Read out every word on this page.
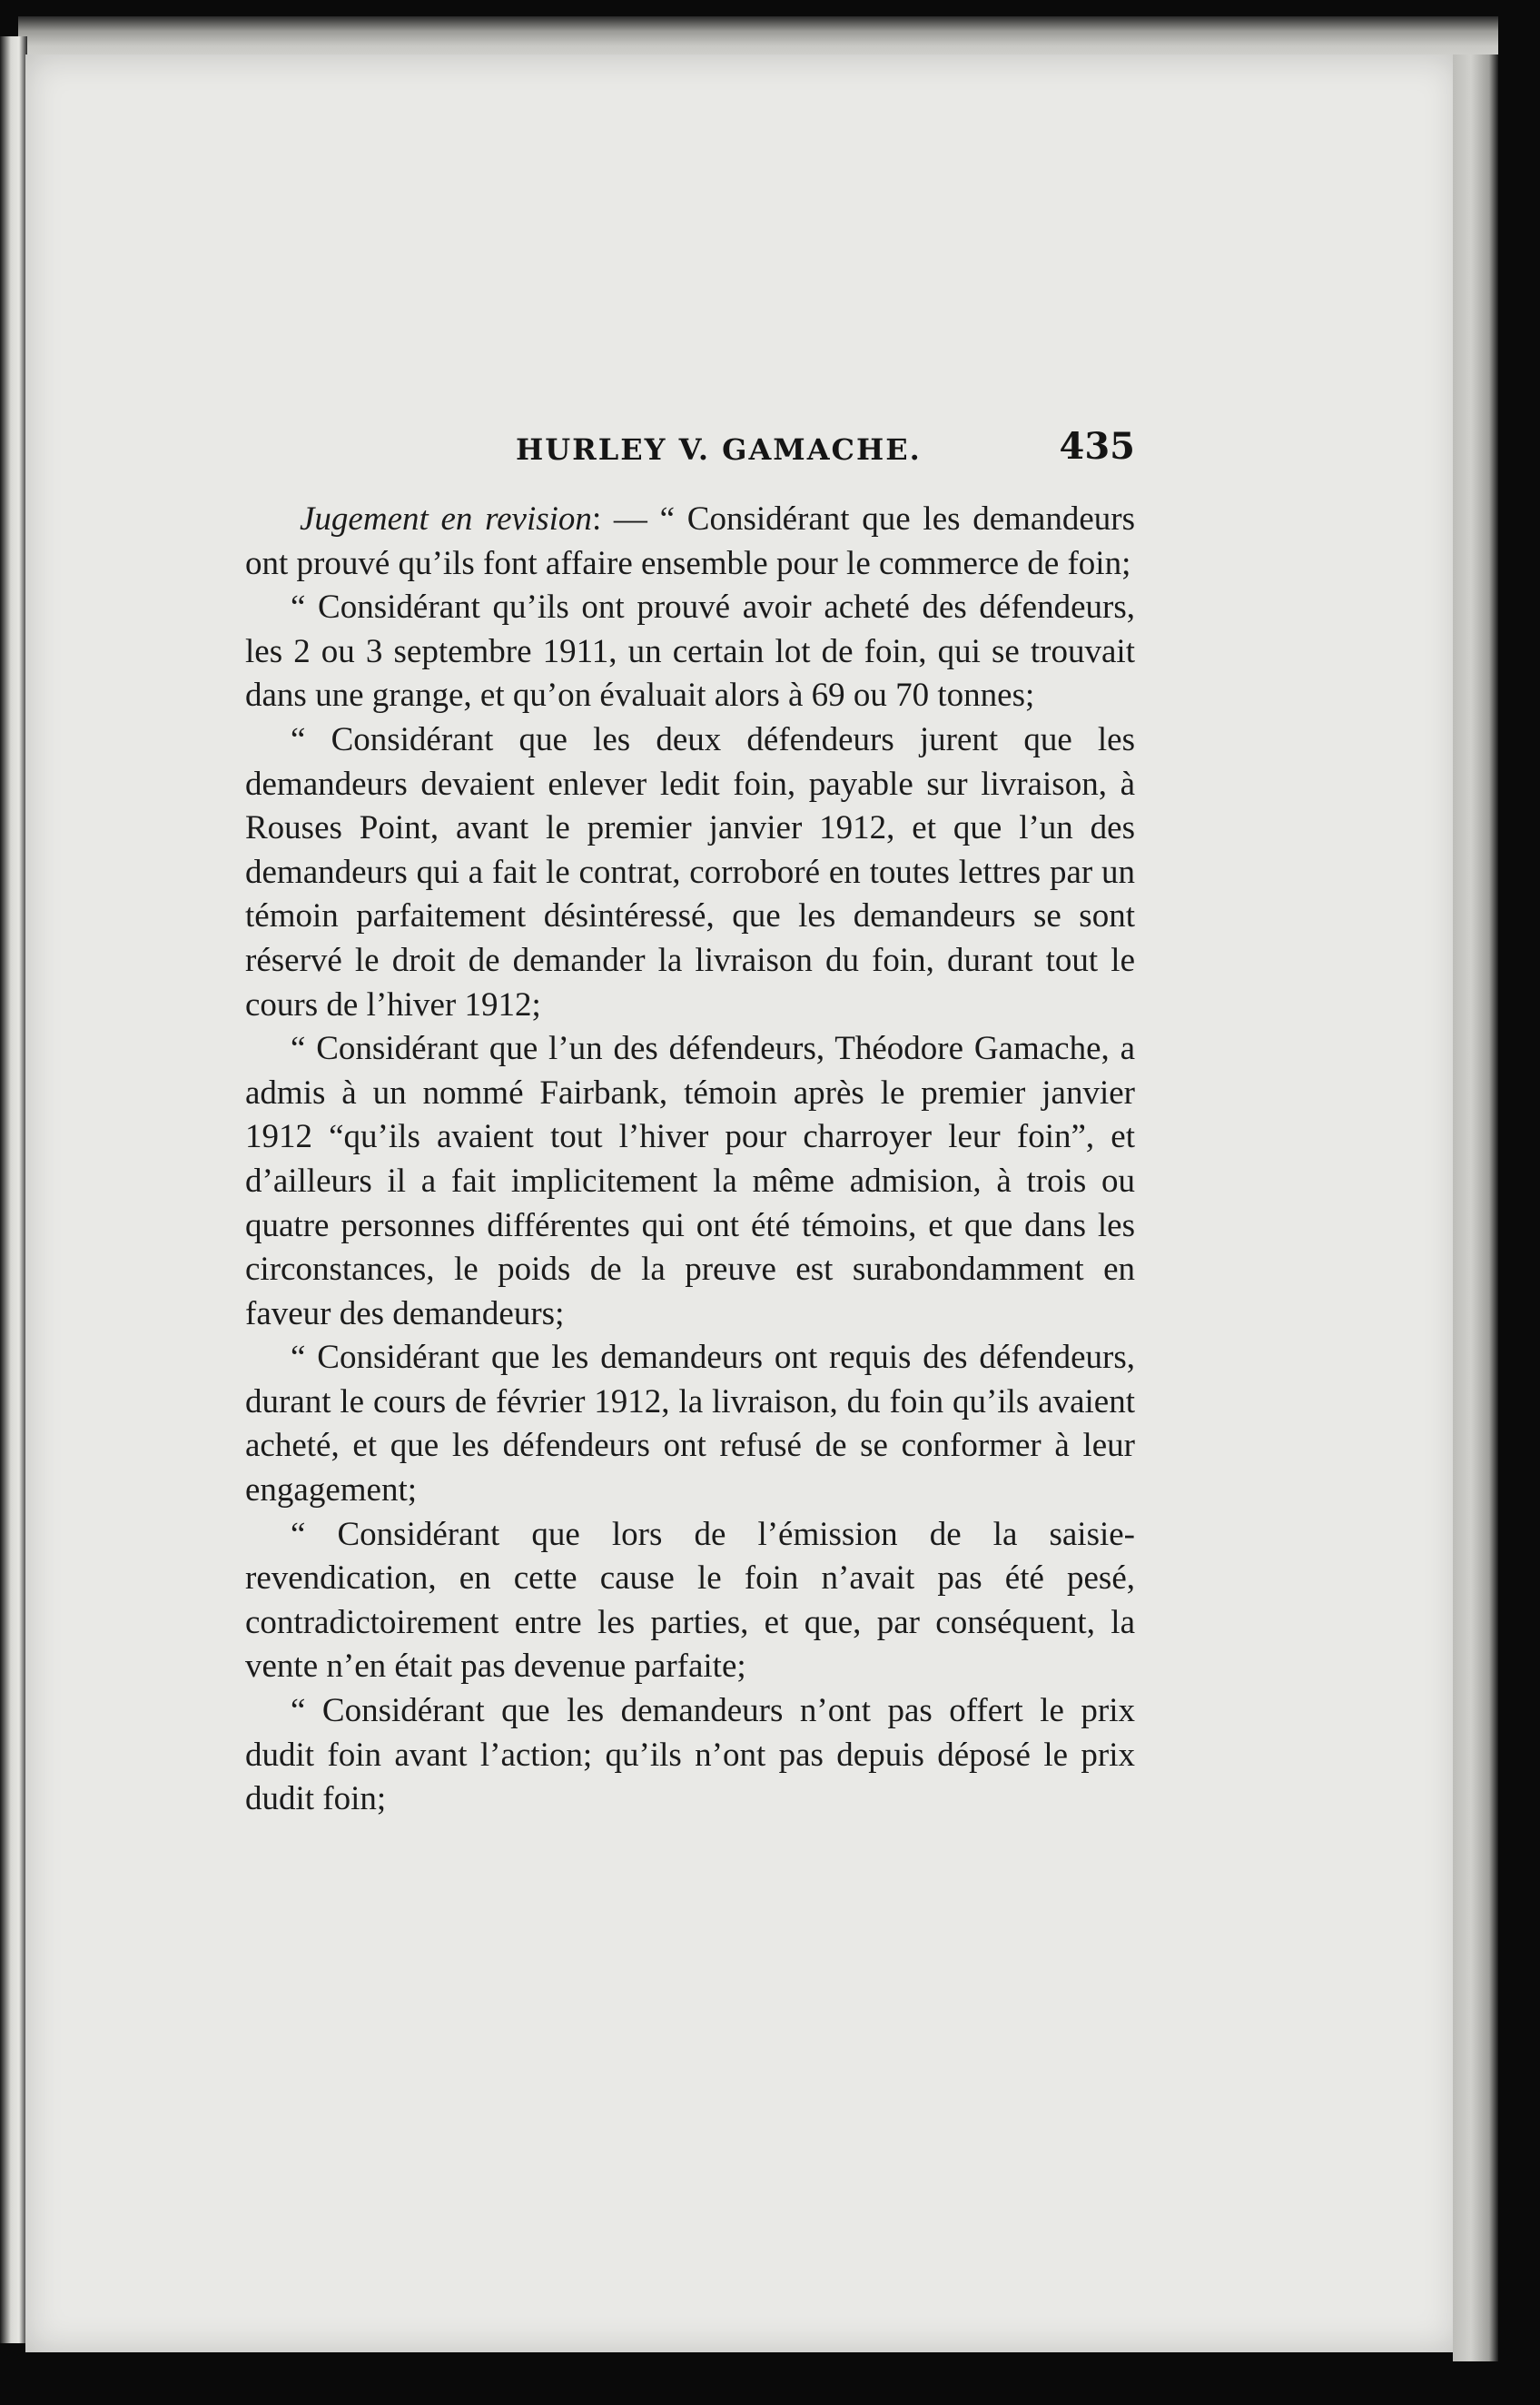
HURLEY V. GAMACHE.	435

Jugement en revision: — “ Considérant que les demandeurs ont prouvé qu’ils font affaire ensemble pour le commerce de foin;

“ Considérant qu’ils ont prouvé avoir acheté des défendeurs, les 2 ou 3 septembre 1911, un certain lot de foin, qui se trouvait dans une grange, et qu’on évaluait alors à 69 ou 70 tonnes;

“ Considérant que les deux défendeurs jurent que les demandeurs devaient enlever ledit foin, payable sur livraison, à Rouses Point, avant le premier janvier 1912, et que l’un des demandeurs qui a fait le contrat, corroboré en toutes lettres par un témoin parfaitement désintéressé, que les demandeurs se sont réservé le droit de demander la livraison du foin, durant tout le cours de l’hiver 1912;

“ Considérant que l’un des défendeurs, Théodore Gamache, a admis à un nommé Fairbank, témoin après le premier janvier 1912 “qu’ils avaient tout l’hiver pour charroyer leur foin”, et d’ailleurs il a fait implicitement la même admision, à trois ou quatre personnes différentes qui ont été témoins, et que dans les circonstances, le poids de la preuve est surabondamment en faveur des demandeurs;

“ Considérant que les demandeurs ont requis des défendeurs, durant le cours de février 1912, la livraison, du foin qu’ils avaient acheté, et que les défendeurs ont refusé de se conformer à leur engagement;

“ Considérant que lors de l’émission de la saisie-revendication, en cette cause le foin n’avait pas été pesé, contradictoirement entre les parties, et que, par conséquent, la vente n’en était pas devenue parfaite;

“ Considérant que les demandeurs n’ont pas offert le prix dudit foin avant l’action; qu’ils n’ont pas depuis déposé le prix dudit foin;
